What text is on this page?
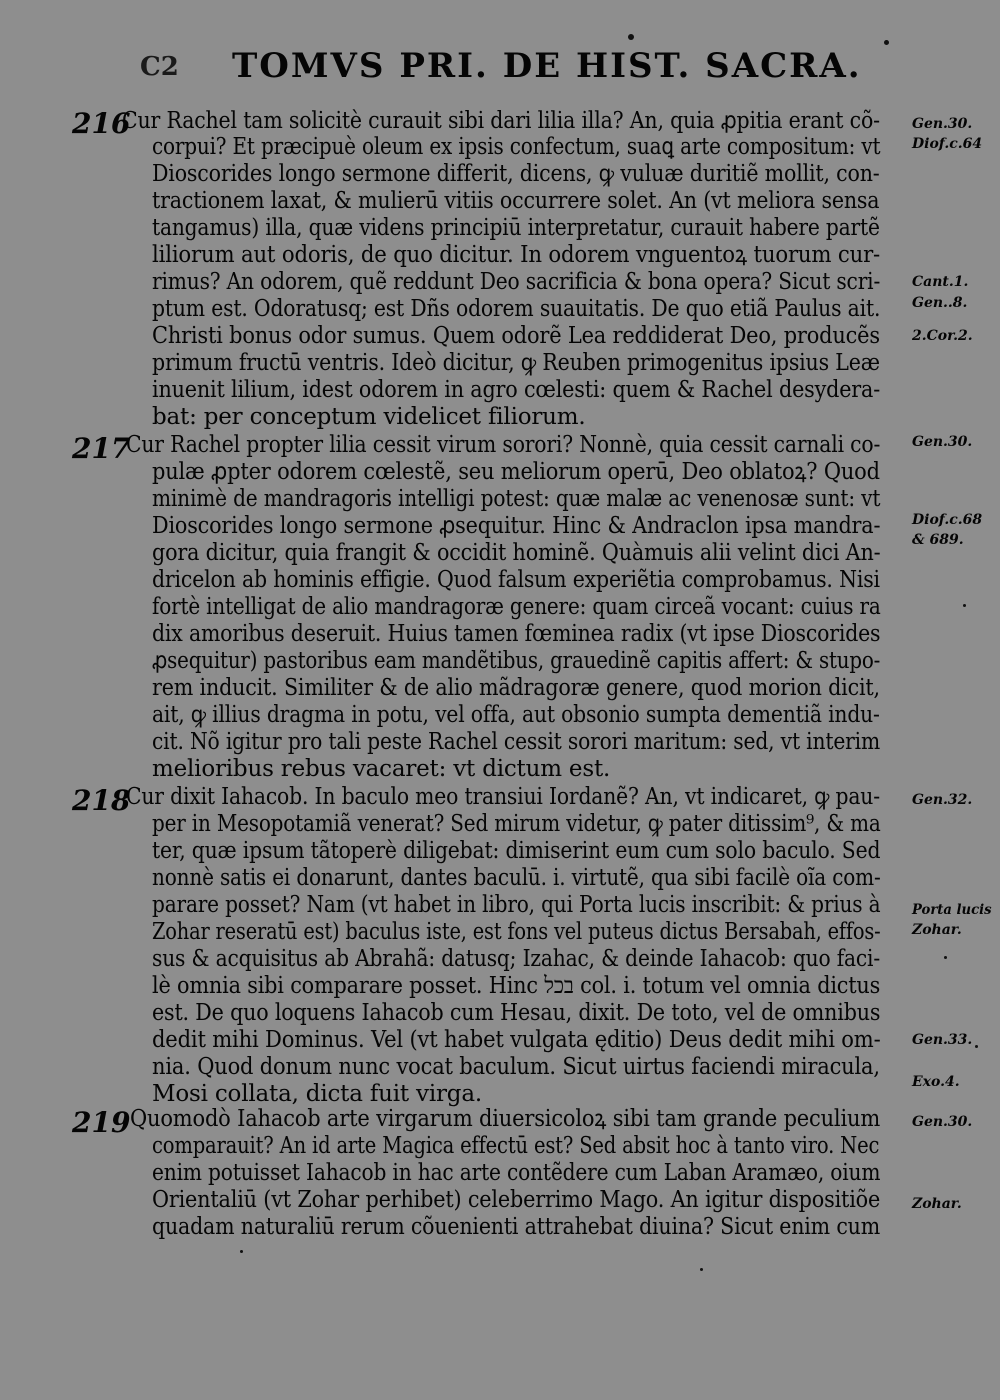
C2 TOMVS PRI. DE HIST. SACRA.
216
Cur Rachel tam solicitè curauit sibi dari lilia illa? An, quia ꝓpitia erant cõ-
corpui? Et præcipuè oleum ex ipsis confectum, suaꝗ arte compositum: vt
Dioscorides longo sermone differit, dicens, ꝙ vuluæ duritiẽ mollit, con-
tractionem laxat, & mulierū vitiis occurrere solet. An (vt meliora sensa
tangamus) illa, quæ videns principiū interpretatur, curauit habere partẽ
liliorum aut odoris, de quo dicitur. In odorem vnguentoꝝ tuorum cur-
rimus? An odorem, quẽ reddunt Deo sacrificia & bona opera? Sicut scri-
ptum est. Odoratusq; est Dñs odorem suauitatis. De quo etiã Paulus ait.
Christi bonus odor sumus. Quem odorẽ Lea reddiderat Deo, producẽs
primum fructū ventris. Ideò dicitur, ꝙ Reuben primogenitus ipsius Leæ
inuenit lilium, idest odorem in agro cœlesti: quem & Rachel desydera-
bat: per conceptum videlicet filiorum.
217
Cur Rachel propter lilia cessit virum sorori? Nonnè, quia cessit carnali co-
pulæ ꝓpter odorem cœlestẽ, seu meliorum operū, Deo oblatoꝝ? Quod
minimè de mandragoris intelligi potest: quæ malæ ac venenosæ sunt: vt
Dioscorides longo sermone ꝓsequitur. Hinc & Andraclon ipsa mandra-
gora dicitur, quia frangit & occidit hominẽ. Quàmuis alii velint dici An-
dricelon ab hominis effigie. Quod falsum experiẽtia comprobamus. Nisi
fortè intelligat de alio mandragoræ genere: quam circeã vocant: cuius ra
dix amoribus deseruit. Huius tamen fœminea radix (vt ipse Dioscorides
ꝓsequitur) pastoribus eam mandẽtibus, grauedinẽ capitis affert: & stupo-
rem inducit. Similiter & de alio mãdragoræ genere, quod morion dicit,
ait, ꝙ illius dragma in potu, vel offa, aut obsonio sumpta dementiã indu-
cit. Nõ igitur pro tali peste Rachel cessit sorori maritum: sed, vt interim
melioribus rebus vacaret: vt dictum est.
218
Cur dixit Iahacob. In baculo meo transiui Iordanẽ? An, vt indicaret, ꝙ pau-
per in Mesopotamiã venerat? Sed mirum videtur, ꝙ pater ditissim⁹, & ma
ter, quæ ipsum tãtoperè diligebat: dimiserint eum cum solo baculo. Sed
nonnè satis ei donarunt, dantes baculū. i. virtutẽ, qua sibi facilè oĩa com-
parare posset? Nam (vt habet in libro, qui Porta lucis inscribit: & prius à
Zohar reseratū est) baculus iste, est fons vel puteus dictus Bersabah, effos-
sus & acquisitus ab Abrahã: datusq; Izahac, & deinde Iahacob: quo faci-
lè omnia sibi comparare posset. Hinc בכל col. i. totum vel omnia dictus
est. De quo loquens Iahacob cum Hesau, dixit. De toto, vel de omnibus
dedit mihi Dominus. Vel (vt habet vulgata ęditio) Deus dedit mihi om-
nia. Quod donum nunc vocat baculum. Sicut uirtus faciendi miracula,
Mosi collata, dicta fuit virga.
219 Quomodò Iahacob arte virgarum diuersicoloꝝ sibi tam grande peculium
comparauit? An id arte Magica effectū est? Sed absit hoc à tanto viro. Nec
enim potuisset Iahacob in hac arte contẽdere cum Laban Aramæo, oium
Orientaliū (vt Zohar perhibet) celeberrimo Mago. An igitur dispositiõe
quadam naturaliū rerum cõuenienti attrahebat diuina? Sicut enim cum
Gen.30.
Diof.c.64
Cant.1.
Gen..8.
2.Cor.2.
Gen.30.
Diof.c.68
& 689.
Gen.32.
Porta lucis
Zohar.
Gen.33.
Exo.4.
Gen.30.
Zohar.
